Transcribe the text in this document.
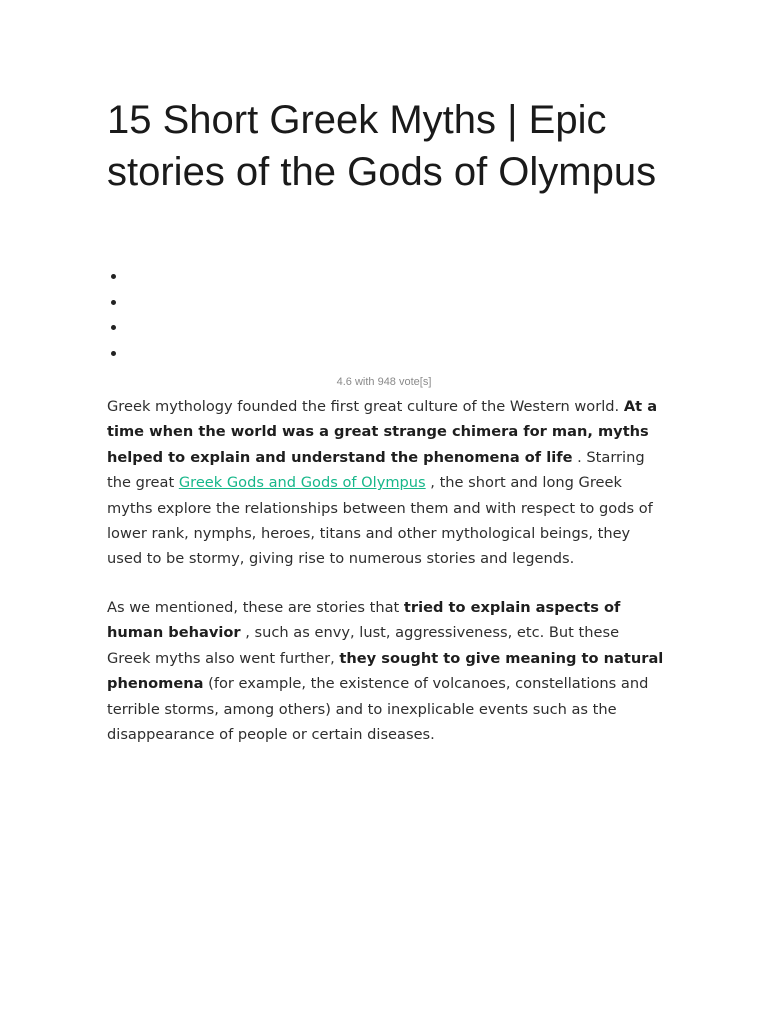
15 Short Greek Myths | Epic stories of the Gods of Olympus
4.6 with 948 vote[s]

Greek mythology founded the first great culture of the Western world. At a time when the world was a great strange chimera for man, myths helped to explain and understand the phenomena of life . Starring the great Greek Gods and Gods of Olympus , the short and long Greek myths explore the relationships between them and with respect to gods of lower rank, nymphs, heroes, titans and other mythological beings, they used to be stormy, giving rise to numerous stories and legends.

As we mentioned, these are stories that tried to explain aspects of human behavior , such as envy, lust, aggressiveness, etc. But these Greek myths also went further, they sought to give meaning to natural phenomena (for example, the existence of volcanoes, constellations and terrible storms, among others) and to inexplicable events such as the disappearance of people or certain diseases.
